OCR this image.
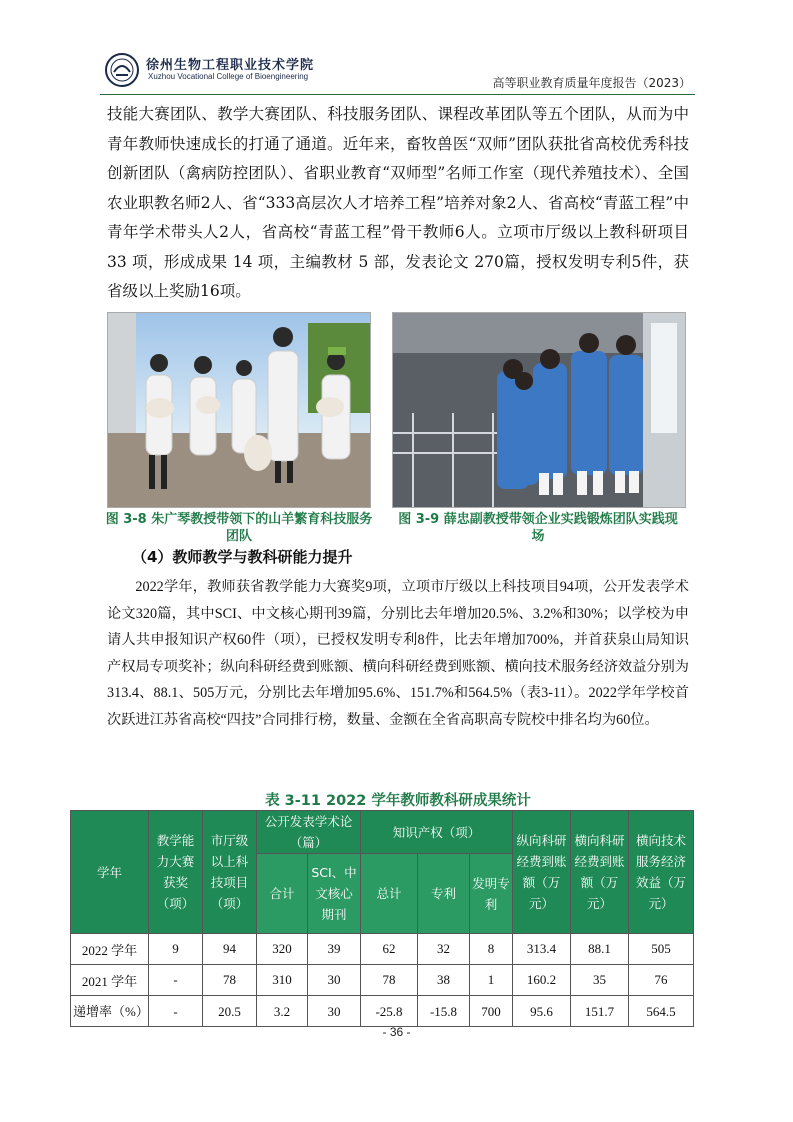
徐州生物工程职业技术学院
Xuzhou Vocational College of Bioengineering	高等职业教育质量年度报告（2023）
技能大赛团队、教学大赛团队、科技服务团队、课程改革团队等五个团队，从而为中青年教师快速成长的打通了通道。近年来，畜牧兽医“双师”团队获批省高校优秀科技创新团队（禽病防控团队）、省职业教育“双师型”名师工作室（现代养殖技术）、全国农业职教名师2人、省“333高层次人才培养工程”培养对象2人、省高校“青蓝工程”中青年学术带头人2人，省高校“青蓝工程”骨干教师6人。立项市厅级以上教科研项目 33 项，形成成果 14 项，主编教材 5 部，发表论文 270篇，授权发明专利5件，获省级以上奖励16项。
图 3-8 朱广琴教授带领下的山羊繁育科技服务团队
图 3-9 薛忠副教授带领企业实践锻炼团队实践现场
（4）教师教学与教科研能力提升
2022学年，教师获省教学能力大赛奖9项，立项市厅级以上科技项目94项，公开发表学术论文320篇，其中SCI、中文核心期刊39篇，分别比去年增加20.5%、3.2%和30%；以学校为申请人共申报知识产权60件（项），已授权发明专利8件，比去年增加700%，并首获泉山局知识产权局专项奖补；纵向科研经费到账额、横向科研经费到账额、横向技术服务经济效益分别为313.4、88.1、505万元，分别比去年增加95.6%、151.7%和564.5%（表3-11）。2022学年学校首次跃进江苏省高校“四技”合同排行榜，数量、金额在全省高职高专院校中排名均为60位。
表 3-11 2022 学年教师教科研成果统计
学年	教学能力大赛获奖（项）	市厅级以上科技项目（项）	公开发表学术论（篇）		知识产权（项）			纵向科研经费到账额（万元）	横向科研经费到账额（万元）	横向技术服务经济效益（万元）
			合计	SCI、中文核心期刊	总计	专利	发明专利			
2022 学年	9	94	320	39	62	32	8	313.4	88.1	505
2021 学年	-	78	310	30	78	38	1	160.2	35	76
递增率（%）	-	20.5	3.2	30	-25.8	-15.8	700	95.6	151.7	564.5
- 36 -
